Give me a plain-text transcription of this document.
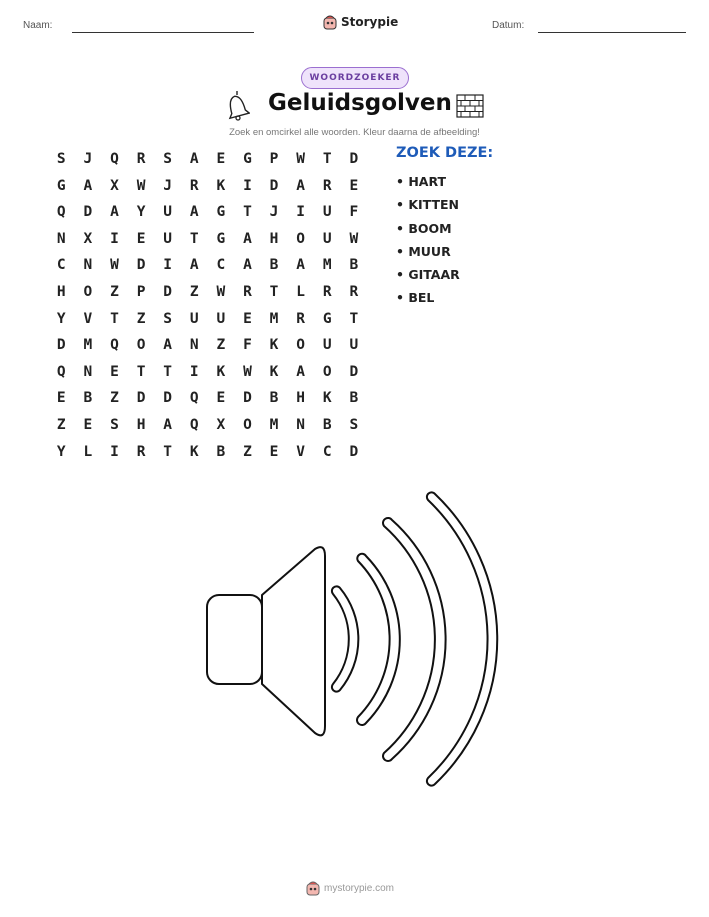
Naam:	Storypie	Datum:
WOORDZOEKER
Geluidsgolven
Zoek en omcirkel alle woorden. Kleur daarna de afbeelding!
S	J	Q	R	S	A	E	G	P	W	T	D
G	A	X	W	J	R	K	I	D	A	R	E
Q	D	A	Y	U	A	G	T	J	I	U	F
N	X	I	E	U	T	G	A	H	O	U	W
C	N	W	D	I	A	C	A	B	A	M	B
H	O	Z	P	D	Z	W	R	T	L	R	R
Y	V	T	Z	S	U	U	E	M	R	G	T
D	M	Q	O	A	N	Z	F	K	O	U	U
Q	N	E	T	T	I	K	W	K	A	O	D
E	B	Z	D	D	Q	E	D	B	H	K	B
Z	E	S	H	A	Q	X	O	M	N	B	S
Y	L	I	R	T	K	B	Z	E	V	C	D
ZOEK DEZE:
• HART
• KITTEN
• BOOM
• MUUR
• GITAAR
• BEL
mystorypie.com
